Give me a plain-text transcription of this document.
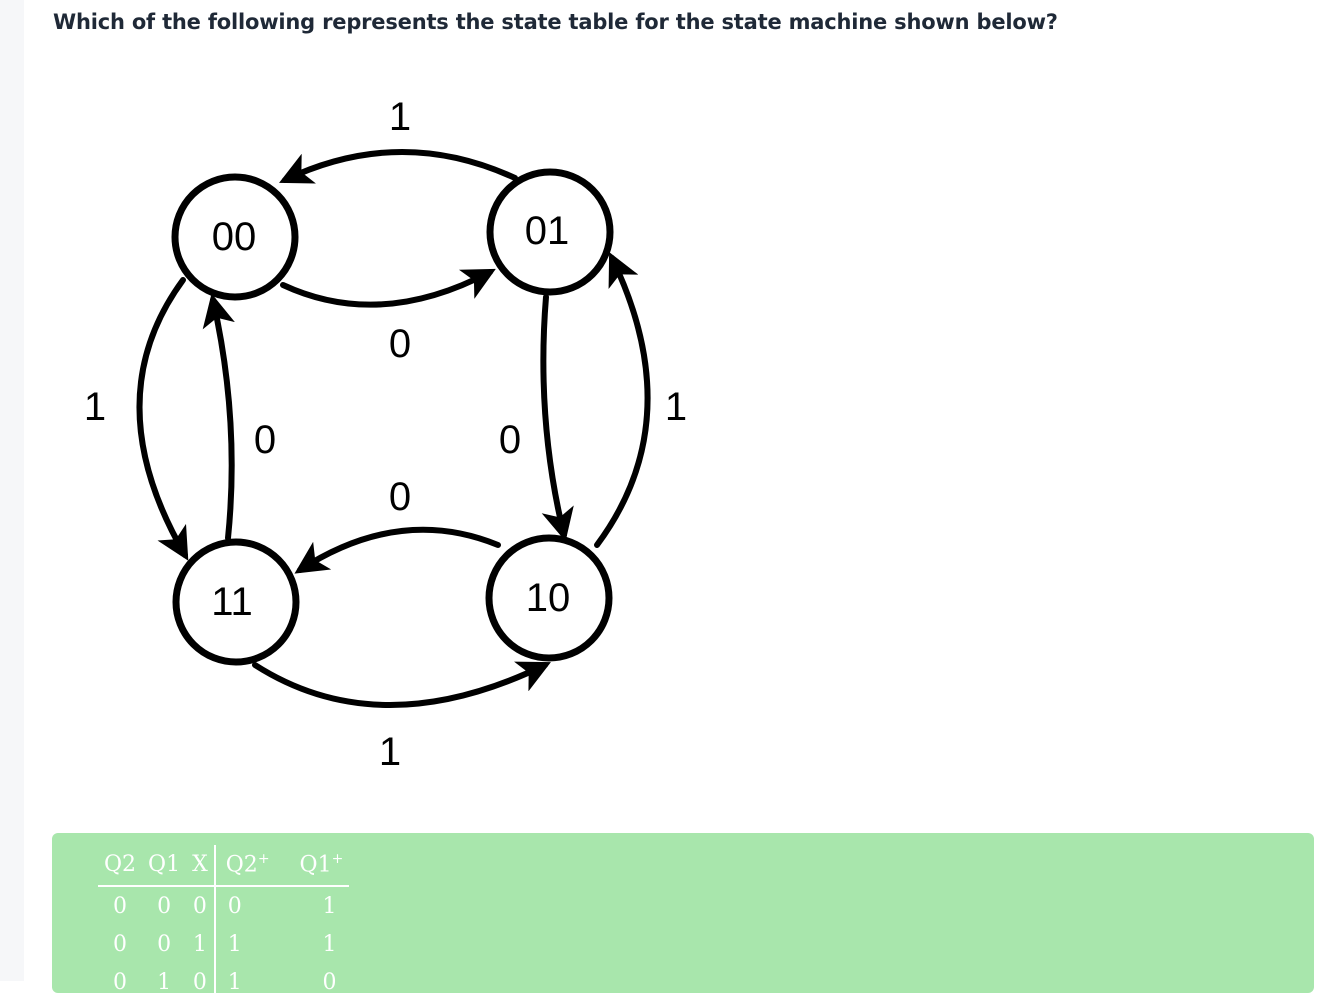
Which of the following represents the state table for the state machine shown below?
00	01
11	10
1
0
1
0	0
1
0
1
Q2	Q1	X	Q2+	Q1+
0	0	0	0	1
0	0	1	1	1
0	1	0	1	0
